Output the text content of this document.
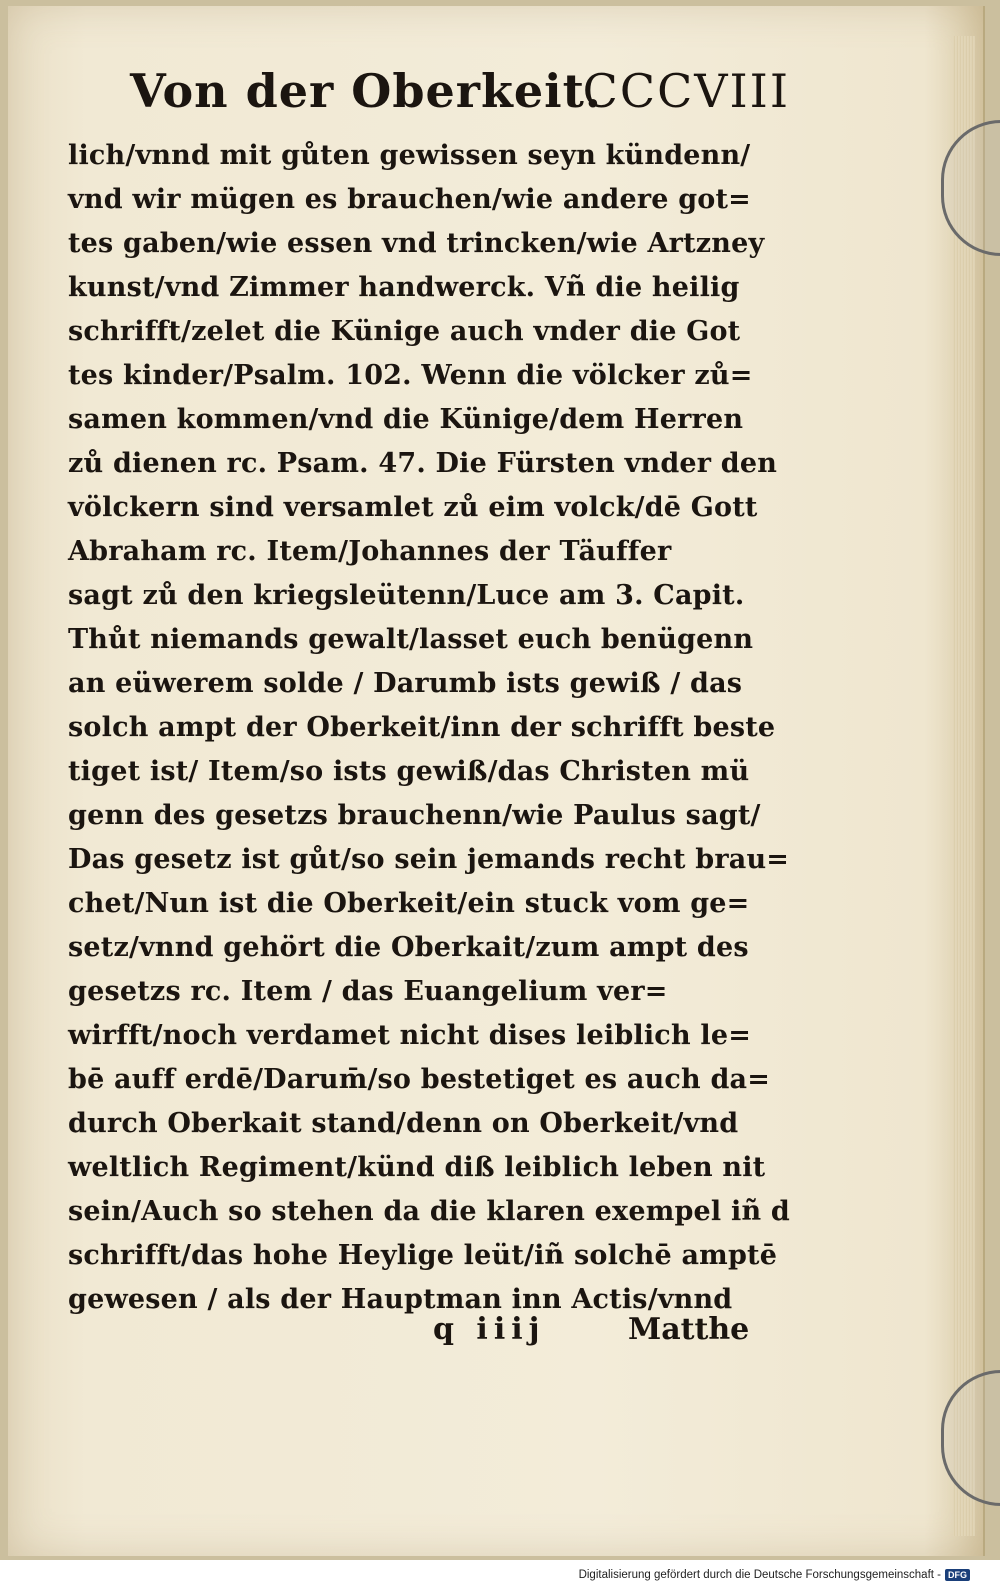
Von der Oberkeit.
CCCVIII
lich/vnnd mit gůten gewissen seyn kündenn/
vnd wir mügen es brauchen/wie andere got=
tes gaben/wie essen vnd trincken/wie Artzney
kunst/vnd Zimmer handwerck. Vñ die heilig
schrifft/zelet die Künige auch vnder die Got
tes kinder/Psalm. 102. Wenn die völcker zů=
samen kommen/vnd die Künige/dem Herren
zů dienen rc. Psam. 47. Die Fürsten vnder den
völckern sind versamlet zů eim volck/dē Gott
Abraham rc. Item/Johannes der Täuffer
sagt zů den kriegsleütenn/Luce am 3. Capit.
Thůt niemands gewalt/lasset euch benügenn
an eüwerem solde / Darumb ists gewiß / das
solch ampt der Oberkeit/inn der schrifft beste
tiget ist/ Item/so ists gewiß/das Christen mü
genn des gesetzs brauchenn/wie Paulus sagt/
Das gesetz ist gůt/so sein jemands recht brau=
chet/Nun ist die Oberkeit/ein stuck vom ge=
setz/vnnd gehört die Oberkait/zum ampt des
gesetzs rc. Item / das Euangelium ver=
wirfft/noch verdamet nicht dises leiblich le=
bē auff erdē/Darum̄/so bestetiget es auch da=
durch Oberkait stand/denn on Oberkeit/vnd
weltlich Regiment/künd diß leiblich leben nit
sein/Auch so stehen da die klaren exempel iñ d
schrifft/das hohe Heylige leüt/iñ solchē amptē
gewesen / als der Hauptman inn Actis/vnnd
q iiij	Matthe
Digitalisierung gefördert durch die Deutsche Forschungsgemeinschaft - DFG
